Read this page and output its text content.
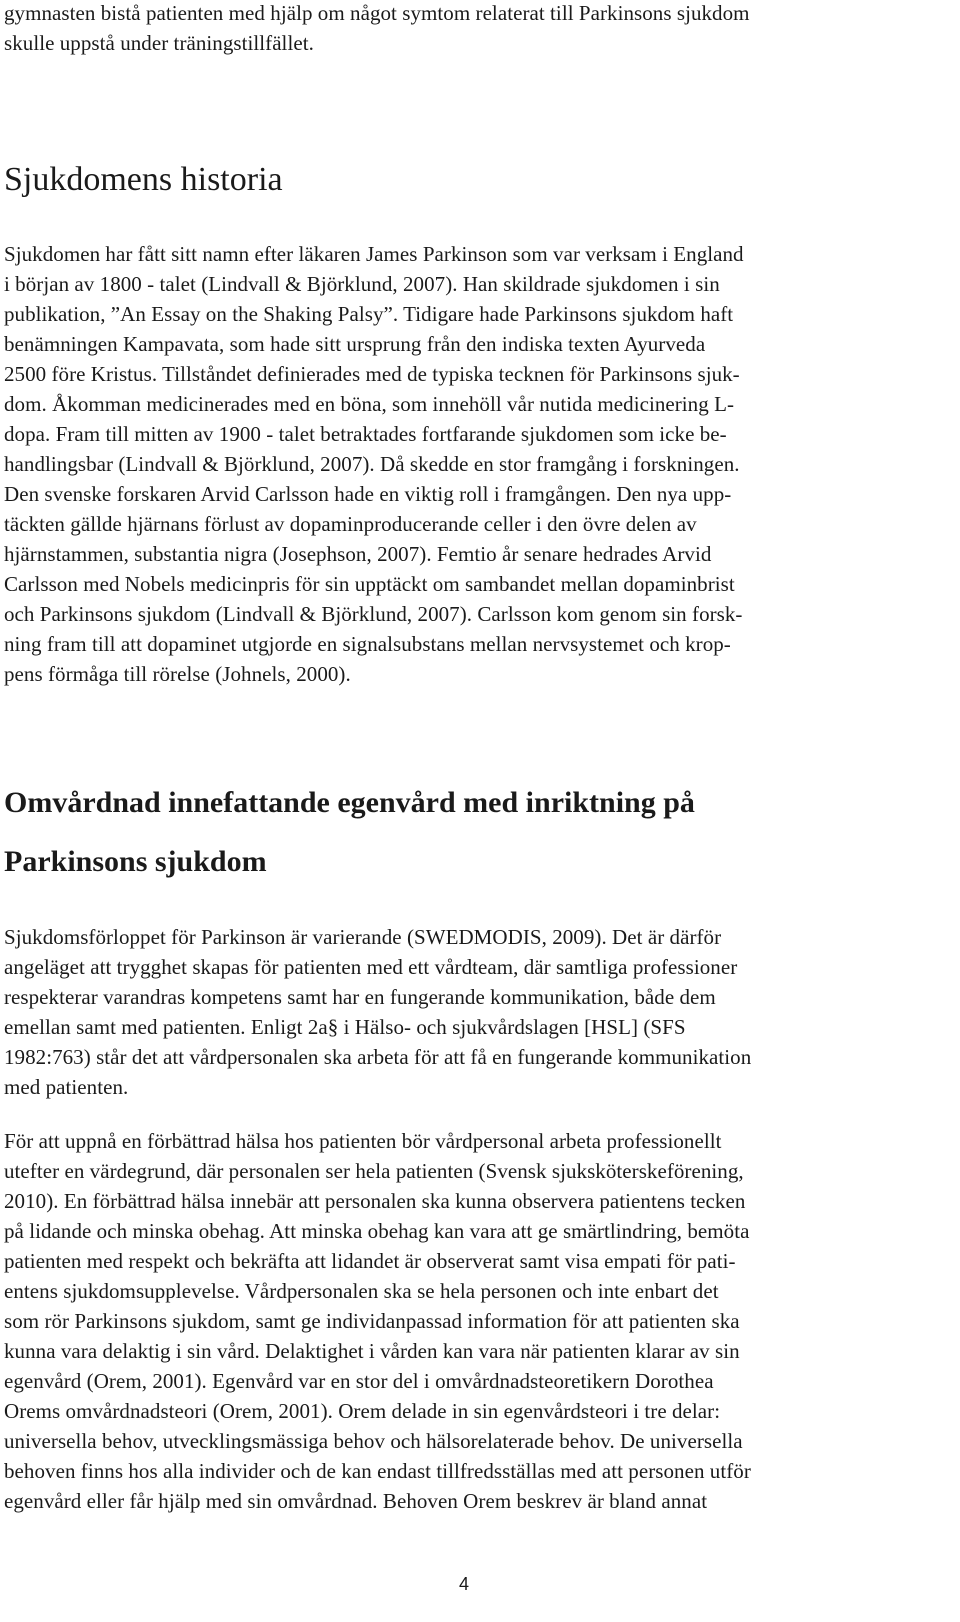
gymnasten bistå patienten med hjälp om något symtom relaterat till Parkinsons sjukdom
skulle uppstå under träningstillfället.
Sjukdomens historia
Sjukdomen har fått sitt namn efter läkaren James Parkinson som var verksam i England
i början av 1800 - talet (Lindvall & Björklund, 2007). Han skildrade sjukdomen i sin
publikation, ”An Essay on the Shaking Palsy”. Tidigare hade Parkinsons sjukdom haft
benämningen Kampavata, som hade sitt ursprung från den indiska texten Ayurveda
2500 före Kristus. Tillståndet definierades med de typiska tecknen för Parkinsons sjuk-
dom. Åkomman medicinerades med en böna, som innehöll vår nutida medicinering L-
dopa. Fram till mitten av 1900 - talet betraktades fortfarande sjukdomen som icke be-
handlingsbar (Lindvall & Björklund, 2007). Då skedde en stor framgång i forskningen.
Den svenske forskaren Arvid Carlsson hade en viktig roll i framgången. Den nya upp-
täckten gällde hjärnans förlust av dopaminproducerande celler i den övre delen av
hjärnstammen, substantia nigra (Josephson, 2007). Femtio år senare hedrades Arvid
Carlsson med Nobels medicinpris för sin upptäckt om sambandet mellan dopaminbrist
och Parkinsons sjukdom (Lindvall & Björklund, 2007). Carlsson kom genom sin forsk-
ning fram till att dopaminet utgjorde en signalsubstans mellan nervsystemet och krop-
pens förmåga till rörelse (Johnels, 2000).
Omvårdnad innefattande egenvård med inriktning på
Parkinsons sjukdom
Sjukdomsförloppet för Parkinson är varierande (SWEDMODIS, 2009). Det är därför
angeläget att trygghet skapas för patienten med ett vårdteam, där samtliga professioner
respekterar varandras kompetens samt har en fungerande kommunikation, både dem
emellan samt med patienten. Enligt 2a§ i Hälso- och sjukvårdslagen [HSL] (SFS
1982:763) står det att vårdpersonalen ska arbeta för att få en fungerande kommunikation
med patienten.
För att uppnå en förbättrad hälsa hos patienten bör vårdpersonal arbeta professionellt
utefter en värdegrund, där personalen ser hela patienten (Svensk sjuksköterskeförening,
2010). En förbättrad hälsa innebär att personalen ska kunna observera patientens tecken
på lidande och minska obehag. Att minska obehag kan vara att ge smärtlindring, bemöta
patienten med respekt och bekräfta att lidandet är observerat samt visa empati för pati-
entens sjukdomsupplevelse. Vårdpersonalen ska se hela personen och inte enbart det
som rör Parkinsons sjukdom, samt ge individanpassad information för att patienten ska
kunna vara delaktig i sin vård. Delaktighet i vården kan vara när patienten klarar av sin
egenvård (Orem, 2001). Egenvård var en stor del i omvårdnadsteoretikern Dorothea
Orems omvårdnadsteori (Orem, 2001). Orem delade in sin egenvårdsteori i tre delar:
universella behov, utvecklingsmässiga behov och hälsorelaterade behov. De universella
behoven finns hos alla individer och de kan endast tillfredsställas med att personen utför
egenvård eller får hjälp med sin omvårdnad. Behoven Orem beskrev är bland annat
4
